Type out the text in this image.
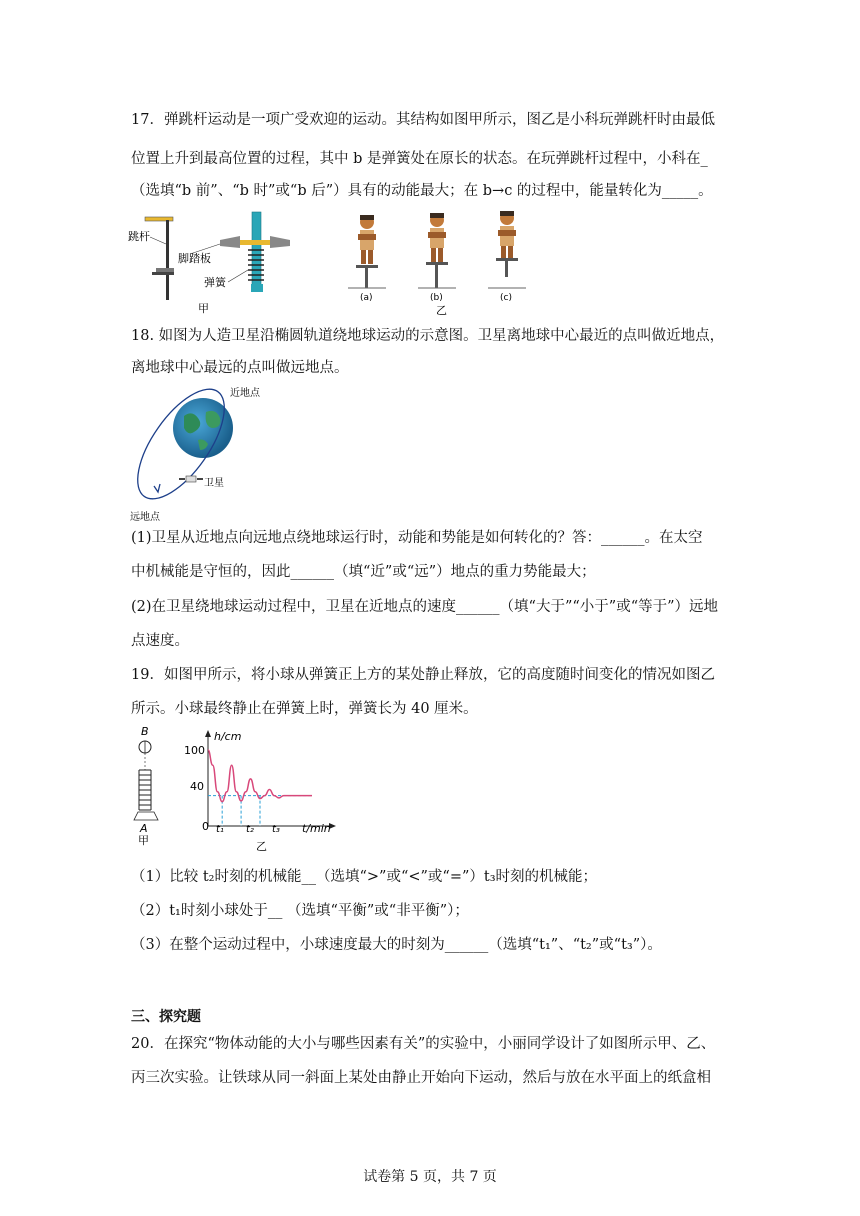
17．弹跳杆运动是一项广受欢迎的运动。其结构如图甲所示，图乙是小科玩弹跳杆时由最低
位置上升到最高位置的过程，其中 b 是弹簧处在原长的状态。在玩弹跳杆过程中，小科在_
（选填“b 前”、“b 时”或“b 后”）具有的动能最大；在 b→c 的过程中，能量转化为_____。
跳杆
脚踏板
弹簧
甲
(a)	(b)	(c)
乙
18. 如图为人造卫星沿椭圆轨道绕地球运动的示意图。卫星离地球中心最近的点叫做近地点，
离地球中心最远的点叫做远地点。
近地点
卫星
远地点
(1)卫星从近地点向远地点绕地球运行时，动能和势能是如何转化的？答：______。在太空
中机械能是守恒的，因此______（填“近”或“远”）地点的重力势能最大；
(2)在卫星绕地球运动过程中，卫星在近地点的速度______（填“大于”“小于”或“等于”）远地
点速度。
19．如图甲所示，将小球从弹簧正上方的某处静止释放，它的高度随时间变化的情况如图乙
所示。小球最终静止在弹簧上时，弹簧长为 40 厘米。
B
A
甲
h/cm
100
40
0 t₁ t₂ t₃ t/min
乙
（1）比较 t₂时刻的机械能__（选填“>”或“<”或“=”）t₃时刻的机械能；
（2）t₁时刻小球处于__ （选填“平衡”或“非平衡”）；
（3）在整个运动过程中，小球速度最大的时刻为______（选填“t₁”、“t₂”或“t₃”）。
三、探究题
20．在探究“物体动能的大小与哪些因素有关”的实验中，小丽同学设计了如图所示甲、乙、
丙三次实验。让铁球从同一斜面上某处由静止开始向下运动，然后与放在水平面上的纸盒相
试卷第 5 页，共 7 页
